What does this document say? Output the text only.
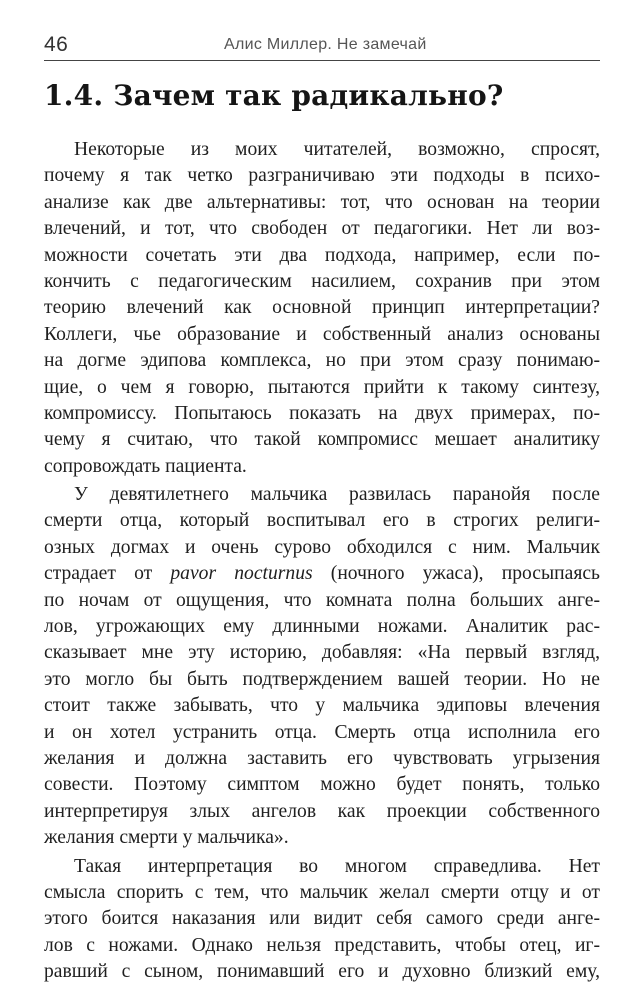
46	Алис Миллер. Не замечай
1.4. Зачем так радикально?

Некоторые из моих читателей, возможно, спросят,
почему я так четко разграничиваю эти подходы в психо-
анализе как две альтернативы: тот, что основан на теории
влечений, и тот, что свободен от педагогики. Нет ли воз-
можности сочетать эти два подхода, например, если по-
кончить с педагогическим насилием, сохранив при этом
теорию влечений как основной принцип интерпретации?
Коллеги, чье образование и собственный анализ основаны
на догме эдипова комплекса, но при этом сразу понимаю-
щие, о чем я говорю, пытаются прийти к такому синтезу,
компромиссу. Попытаюсь показать на двух примерах, по-
чему я считаю, что такой компромисс мешает аналитику
сопровождать пациента.

У девятилетнего мальчика развилась паранойя после
смерти отца, который воспитывал его в строгих религи-
озных догмах и очень сурово обходился с ним. Мальчик
страдает от pavor nocturnus (ночного ужаса), просыпаясь
по ночам от ощущения, что комната полна больших анге-
лов, угрожающих ему длинными ножами. Аналитик рас-
сказывает мне эту историю, добавляя: «На первый взгляд,
это могло бы быть подтверждением вашей теории. Но не
стоит также забывать, что у мальчика эдиповы влечения
и он хотел устранить отца. Смерть отца исполнила его
желания и должна заставить его чувствовать угрызения
совести. Поэтому симптом можно будет понять, только
интерпретируя злых ангелов как проекции собственного
желания смерти у мальчика».

Такая интерпретация во многом справедлива. Нет
смысла спорить с тем, что мальчик желал смерти отцу и от
этого боится наказания или видит себя самого среди анге-
лов с ножами. Однако нельзя представить, чтобы отец, иг-
равший с сыном, понимавший его и духовно близкий ему,
